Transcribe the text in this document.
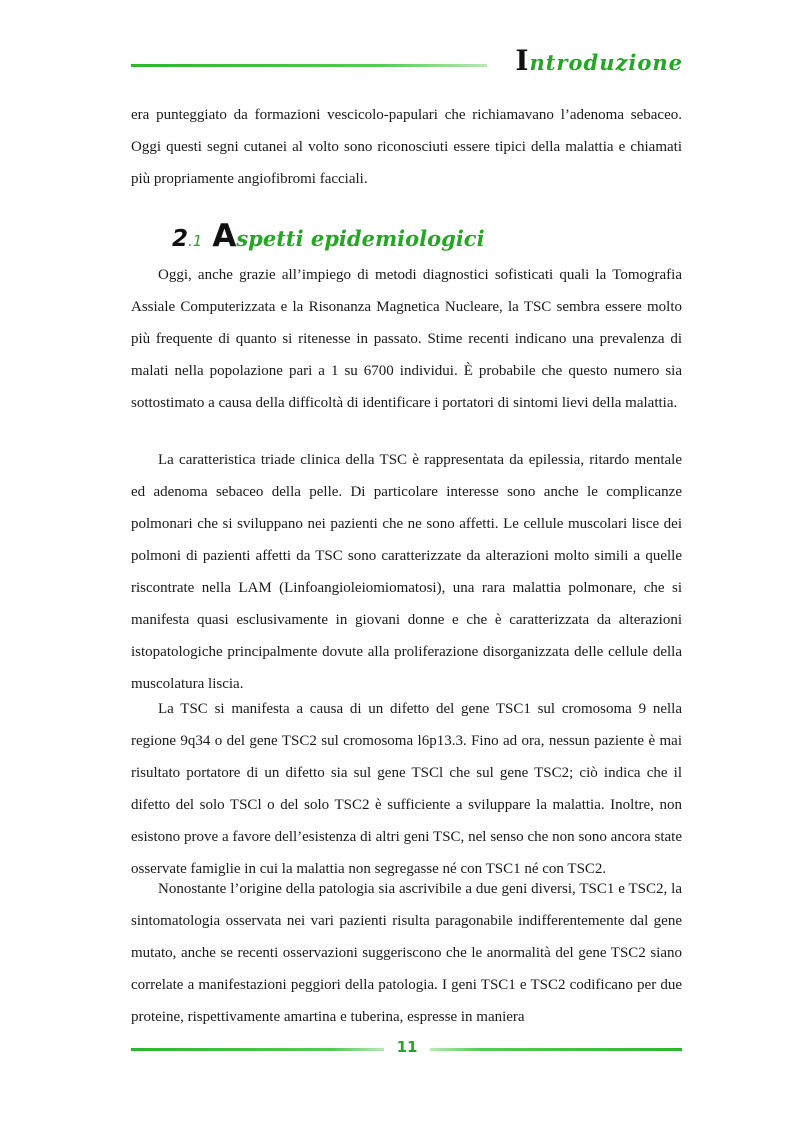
Introduzione

era punteggiato da formazioni vescicolo-papulari che richiamavano l’adenoma sebaceo. Oggi questi segni cutanei al volto sono riconosciuti essere tipici della malattia e chiamati più propriamente angiofibromi facciali.

2.1 Aspetti epidemiologici

Oggi, anche grazie all’impiego di metodi diagnostici sofisticati quali la Tomografia Assiale Computerizzata e la Risonanza Magnetica Nucleare, la TSC sembra essere molto più frequente di quanto si ritenesse in passato. Stime recenti indicano una prevalenza di malati nella popolazione pari a 1 su 6700 individui. È probabile che questo numero sia sottostimato a causa della difficoltà di identificare i portatori di sintomi lievi della malattia.

La caratteristica triade clinica della TSC è rappresentata da epilessia, ritardo mentale ed adenoma sebaceo della pelle. Di particolare interesse sono anche le complicanze polmonari che si sviluppano nei pazienti che ne sono affetti. Le cellule muscolari lisce dei polmoni di pazienti affetti da TSC sono caratterizzate da alterazioni molto simili a quelle riscontrate nella LAM (Linfoangioleiomiomatosi), una rara malattia polmonare, che si manifesta quasi esclusivamente in giovani donne e che è caratterizzata da alterazioni istopatologiche principalmente dovute alla proliferazione disorganizzata delle cellule della muscolatura liscia.

La TSC si manifesta a causa di un difetto del gene TSC1 sul cromosoma 9 nella regione 9q34 o del gene TSC2 sul cromosoma l6p13.3. Fino ad ora, nessun paziente è mai risultato portatore di un difetto sia sul gene TSCl che sul gene TSC2; ciò indica che il difetto del solo TSCl o del solo TSC2 è sufficiente a sviluppare la malattia. Inoltre, non esistono prove a favore dell’esistenza di altri geni TSC, nel senso che non sono ancora state osservate famiglie in cui la malattia non segregasse né con TSC1 né con TSC2.

Nonostante l’origine della patologia sia ascrivibile a due geni diversi, TSC1 e TSC2, la sintomatologia osservata nei vari pazienti risulta paragonabile indifferentemente dal gene mutato, anche se recenti osservazioni suggeriscono che le anormalità del gene TSC2 siano correlate a manifestazioni peggiori della patologia. I geni TSC1 e TSC2 codificano per due proteine, rispettivamente amartina e tuberina, espresse in maniera

11
